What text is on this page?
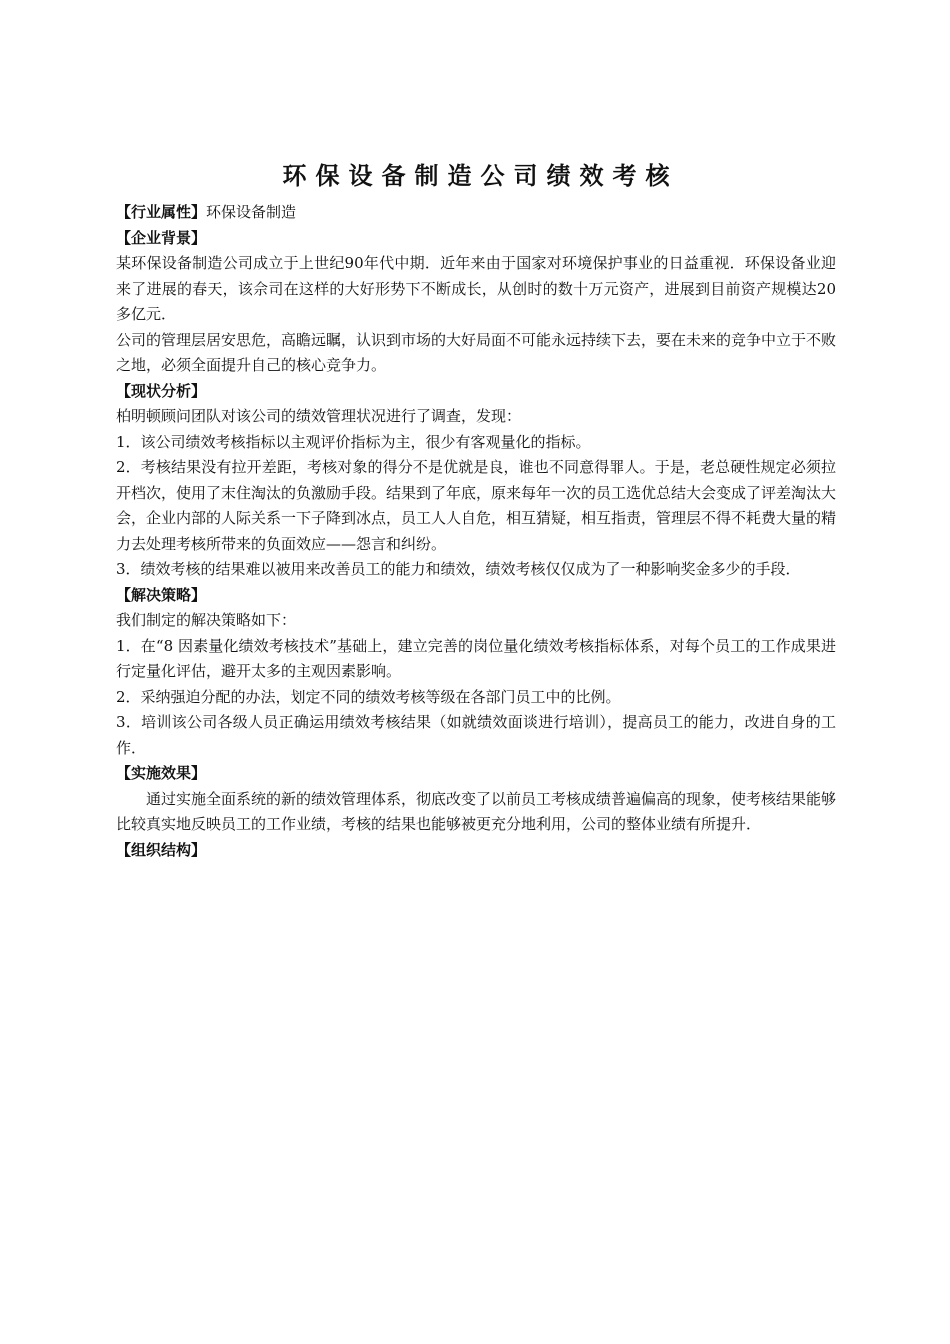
环保设备制造公司绩效考核

【行业属性】环保设备制造

【企业背景】

某环保设备制造公司成立于上世纪90年代中期．近年来由于国家对环境保护事业的日益重视．环保设备业迎来了进展的春天，该佘司在这样的大好形势下不断成长，从创时的数十万元资产，进展到目前资产规模达20多亿元．

公司的管理层居安思危，高瞻远瞩，认识到市场的大好局面不可能永远持续下去，要在未来的竞争中立于不败之地，必须全面提升自己的核心竞争力。

【现状分析】

柏明顿顾问团队对该公司的绩效管理状况进行了调查，发现：

1．该公司绩效考核指标以主观评价指标为主，很少有客观量化的指标。

2．考核结果没有拉开差距，考核对象的得分不是优就是良，谁也不同意得罪人。于是，老总硬性规定必须拉开档次，使用了末住淘汰的负激励手段。结果到了年底，原来每年一次的员工选优总结大会变成了评差淘汰大会，企业内部的人际关系一下子降到冰点，员工人人自危，相互猜疑，相互指责，管理层不得不耗费大量的精力去处理考核所带来的负面效应——怨言和纠纷。

3．绩效考核的结果难以被用来改善员工的能力和绩效，绩效考核仅仅成为了一种影响奖金多少的手段．

【解决策略】

我们制定的解决策略如下：

1．在“8 因素量化绩效考核技术”基础上，建立完善的岗位量化绩效考核指标体系，对每个员工的工作成果进行定量化评估，避开太多的主观因素影响。

2．采纳强迫分配的办法，划定不同的绩效考核等级在各部门员工中的比例。

3．培训该公司各级人员正确运用绩效考核结果（如就绩效面谈进行培训），提高员工的能力，改进自身的工作．

【实施效果】

通过实施全面系统的新的绩效管理体系，彻底改变了以前员工考核成绩普遍偏高的现象，使考核结果能够比较真实地反映员工的工作业绩，考核的结果也能够被更充分地利用，公司的整体业绩有所提升．

【组织结构】
